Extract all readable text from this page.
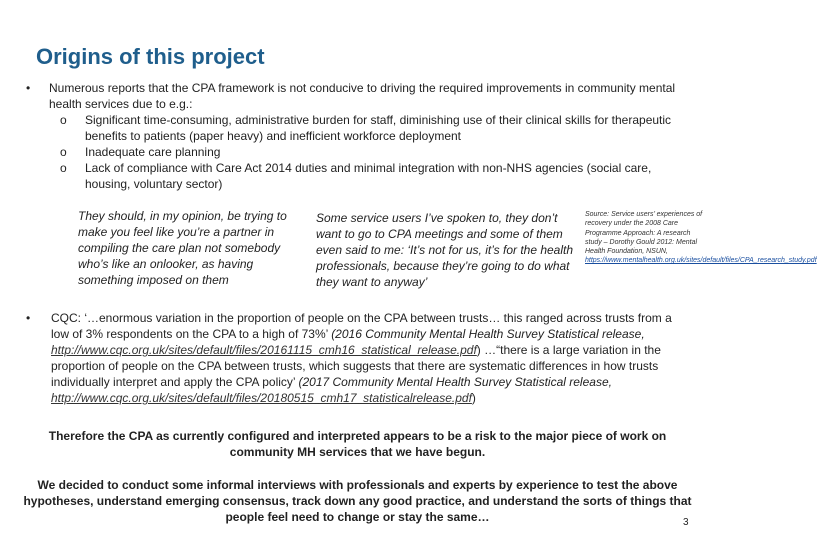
Origins of this project
• Numerous reports that the CPA framework is not conducive to driving the required improvements in community mental health services due to e.g.:
o Significant time-consuming, administrative burden for staff, diminishing use of their clinical skills for therapeutic benefits to patients (paper heavy) and inefficient workforce deployment
o Inadequate care planning
o Lack of compliance with Care Act 2014 duties and minimal integration with non-NHS agencies (social care, housing, voluntary sector)
They should, in my opinion, be trying to make you feel like you’re a partner in compiling the care plan not somebody who’s like an onlooker, as having something imposed on them
Some service users I’ve spoken to, they don’t want to go to CPA meetings and some of them even said to me: ‘It’s not for us, it’s for the health professionals, because they’re going to do what they want to anyway’
Source: Service users’ experiences of recovery under the 2008 Care Programme Approach: A research study – Dorothy Gould 2012: Mental Health Foundation, NSUN, https://www.mentalhealth.org.uk/sites/default/files/CPA_research_study.pdf
• CQC: ‘…enormous variation in the proportion of people on the CPA between trusts… this ranged across trusts from a low of 3% respondents on the CPA to a high of 73%’ (2016 Community Mental Health Survey Statistical release, http://www.cqc.org.uk/sites/default/files/20161115_cmh16_statistical_release.pdf) …“there is a large variation in the proportion of people on the CPA between trusts, which suggests that there are systematic differences in how trusts individually interpret and apply the CPA policy’ (2017 Community Mental Health Survey Statistical release, http://www.cqc.org.uk/sites/default/files/20180515_cmh17_statisticalrelease.pdf)
Therefore the CPA as currently configured and interpreted appears to be a risk to the major piece of work on community MH services that we have begun.
We decided to conduct some informal interviews with professionals and experts by experience to test the above hypotheses, understand emerging consensus, track down any good practice, and understand the sorts of things that people feel need to change or stay the same…	3
